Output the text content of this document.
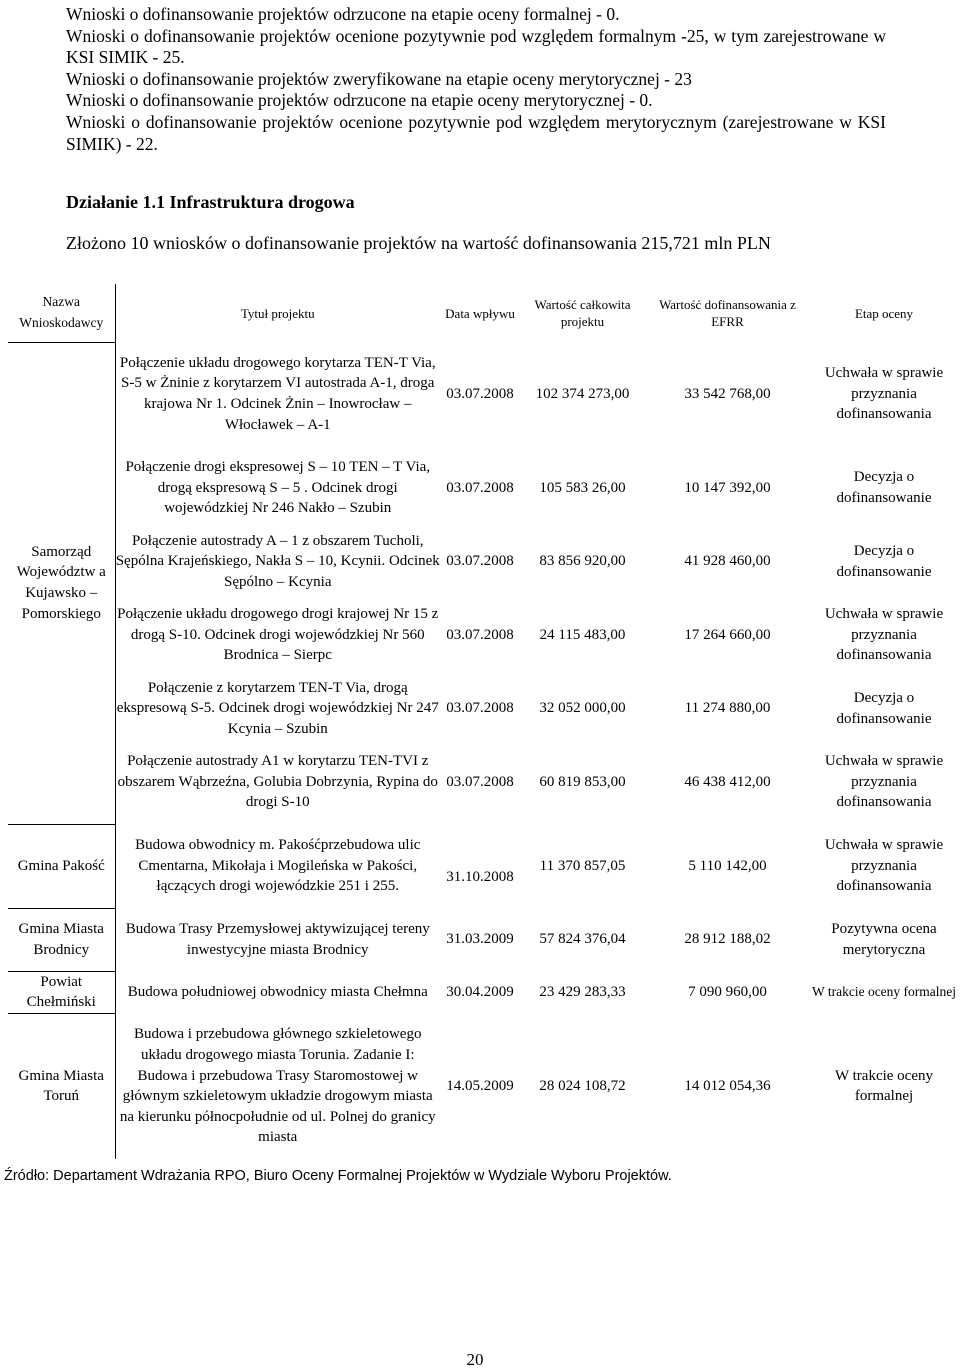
Wnioski o dofinansowanie projektów odrzucone na etapie oceny formalnej - 0.

Wnioski o dofinansowanie projektów ocenione pozytywnie pod względem formalnym -25, w tym zarejestrowane w KSI SIMIK - 25.

Wnioski o dofinansowanie projektów zweryfikowane na etapie oceny merytorycznej - 23

Wnioski o dofinansowanie projektów odrzucone na etapie oceny merytorycznej - 0.

Wnioski o dofinansowanie projektów ocenione pozytywnie pod względem merytorycznym (zarejestrowane w KSI SIMIK) - 22.

Działanie 1.1 Infrastruktura drogowa
Złożono 10 wniosków o dofinansowanie projektów na wartość dofinansowania 215,721 mln PLN
Nazwa Wnioskodawcy	Tytuł projektu	Data wpływu	Wartość całkowita projektu	Wartość dofinansowania z EFRR	Etap oceny
Samorząd Województw a Kujawsko – Pomorskiego	Połączenie układu drogowego korytarza TEN-T Via, S-5 w Żninie z korytarzem VI autostrada A-1, droga krajowa Nr 1. Odcinek Żnin – Inowrocław – Włocławek – A-1	03.07.2008	102 374 273,00	33 542 768,00	Uchwała w sprawie przyznania dofinansowania
	Połączenie drogi ekspresowej S – 10 TEN – T Via, drogą ekspresową S – 5 . Odcinek drogi wojewódzkiej Nr 246 Nakło – Szubin	03.07.2008	105 583 26,00	10 147 392,00	Decyzja o dofinansowanie
	Połączenie autostrady A – 1 z obszarem Tucholi, Sępólna Krajeńskiego, Nakła S – 10, Kcynii. Odcinek Sępólno – Kcynia	03.07.2008	83 856 920,00	41 928 460,00	Decyzja o dofinansowanie
	Połączenie układu drogowego drogi krajowej Nr 15 z drogą S-10. Odcinek drogi wojewódzkiej Nr 560 Brodnica – Sierpc	03.07.2008	24 115 483,00	17 264 660,00	Uchwała w sprawie przyznania dofinansowania
	Połączenie z korytarzem TEN-T Via, drogą ekspresową S-5. Odcinek drogi wojewódzkiej Nr 247 Kcynia – Szubin	03.07.2008	32 052 000,00	11 274 880,00	Decyzja o dofinansowanie
	Połączenie autostrady A1 w korytarzu TEN-TVI z obszarem Wąbrzeźna, Golubia Dobrzynia, Rypina do drogi S-10	03.07.2008	60 819 853,00	46 438 412,00	Uchwała w sprawie przyznania dofinansowania
Gmina Pakość	Budowa obwodnicy m. Pakośćprzebudowa ulic Cmentarna, Mikołaja i Mogileńska w Pakości, łączących drogi wojewódzkie 251 i 255.	31.10.2008	11 370 857,05	5 110 142,00	Uchwała w sprawie przyznania dofinansowania
Gmina Miasta Brodnicy	Budowa Trasy Przemysłowej aktywizującej tereny inwestycyjne miasta Brodnicy	31.03.2009	57 824 376,04	28 912 188,02	Pozytywna ocena merytoryczna
Powiat Chełmiński	Budowa południowej obwodnicy miasta Chełmna	30.04.2009	23 429 283,33	7 090 960,00	W trakcie oceny formalnej
Gmina Miasta Toruń	Budowa i przebudowa głównego szkieletowego układu drogowego miasta Torunia. Zadanie I: Budowa i przebudowa Trasy Staromostowej w głównym szkieletowym układzie drogowym miasta na kierunku północpołudnie od ul. Polnej do granicy miasta	14.05.2009	28 024 108,72	14 012 054,36	W trakcie oceny formalnej
Źródło: Departament Wdrażania RPO, Biuro Oceny Formalnej Projektów w Wydziale Wyboru Projektów.
20
